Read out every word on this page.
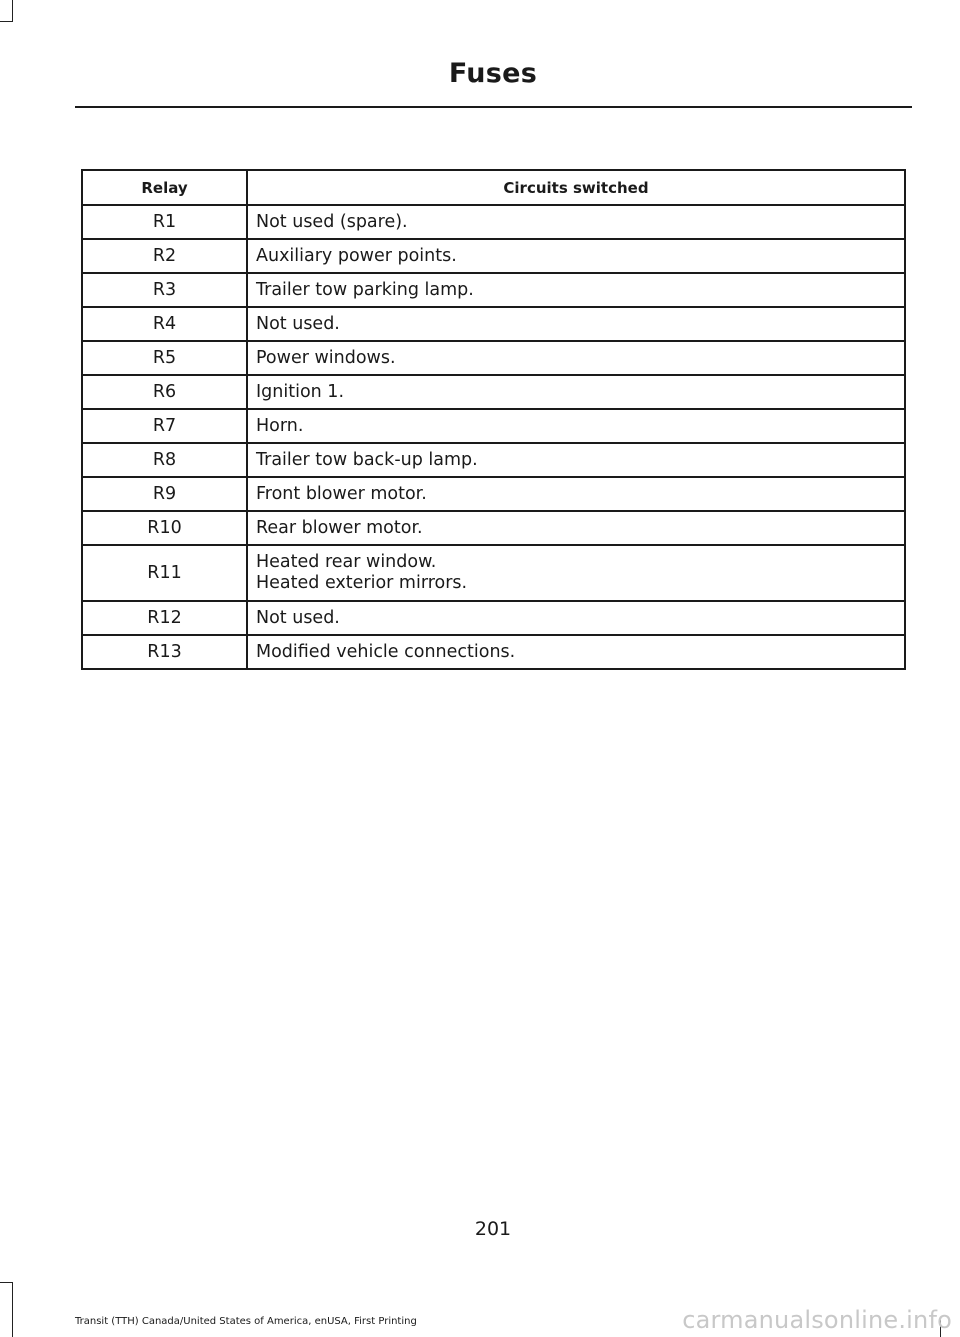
Fuses
Relay	Circuits switched
R1	Not used (spare).

R2	Auxiliary power points.

R3	Trailer tow parking lamp.

R4	Not used.

R5	Power windows.

R6	Ignition 1.

R7	Horn.

R8	Trailer tow back-up lamp.

R9	Front blower motor.

R10	Rear blower motor.

R11	Heated rear window.
Heated exterior mirrors.

R12	Not used.

R13	Modified vehicle connections.
201
Transit (TTH) Canada/United States of America, enUSA, First Printing	carmanualsonline.info
